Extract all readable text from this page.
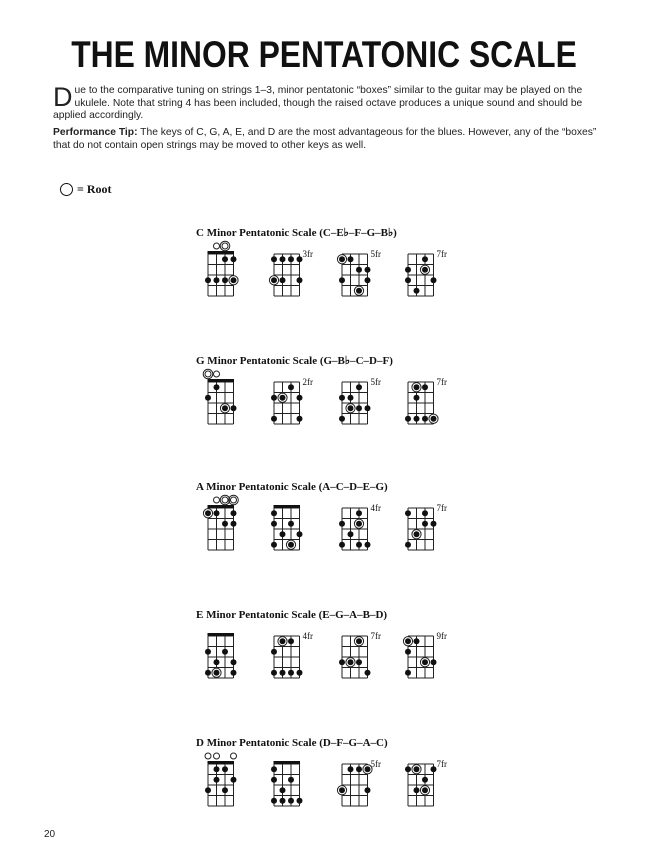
THE MINOR PENTATONIC SCALE
Due to the comparative tuning on strings 1–3, minor pentatonic “boxes” similar to the guitar may be played on the ukulele. Note that string 4 has been included, though the raised octave produces a unique sound and should be applied accordingly.
Performance Tip: The keys of C, G, A, E, and D are the most advantageous for the blues. However, any of the “boxes” that do not contain open strings may be moved to other keys as well.
= Root
C Minor Pentatonic Scale (C–E♭–F–G–B♭)
3fr	5fr	7fr
G Minor Pentatonic Scale (G–B♭–C–D–F)
2fr	5fr	7fr
A Minor Pentatonic Scale (A–C–D–E–G)
4fr	7fr
E Minor Pentatonic Scale (E–G–A–B–D)
4fr	7fr	9fr
D Minor Pentatonic Scale (D–F–G–A–C)
5fr	7fr
20
